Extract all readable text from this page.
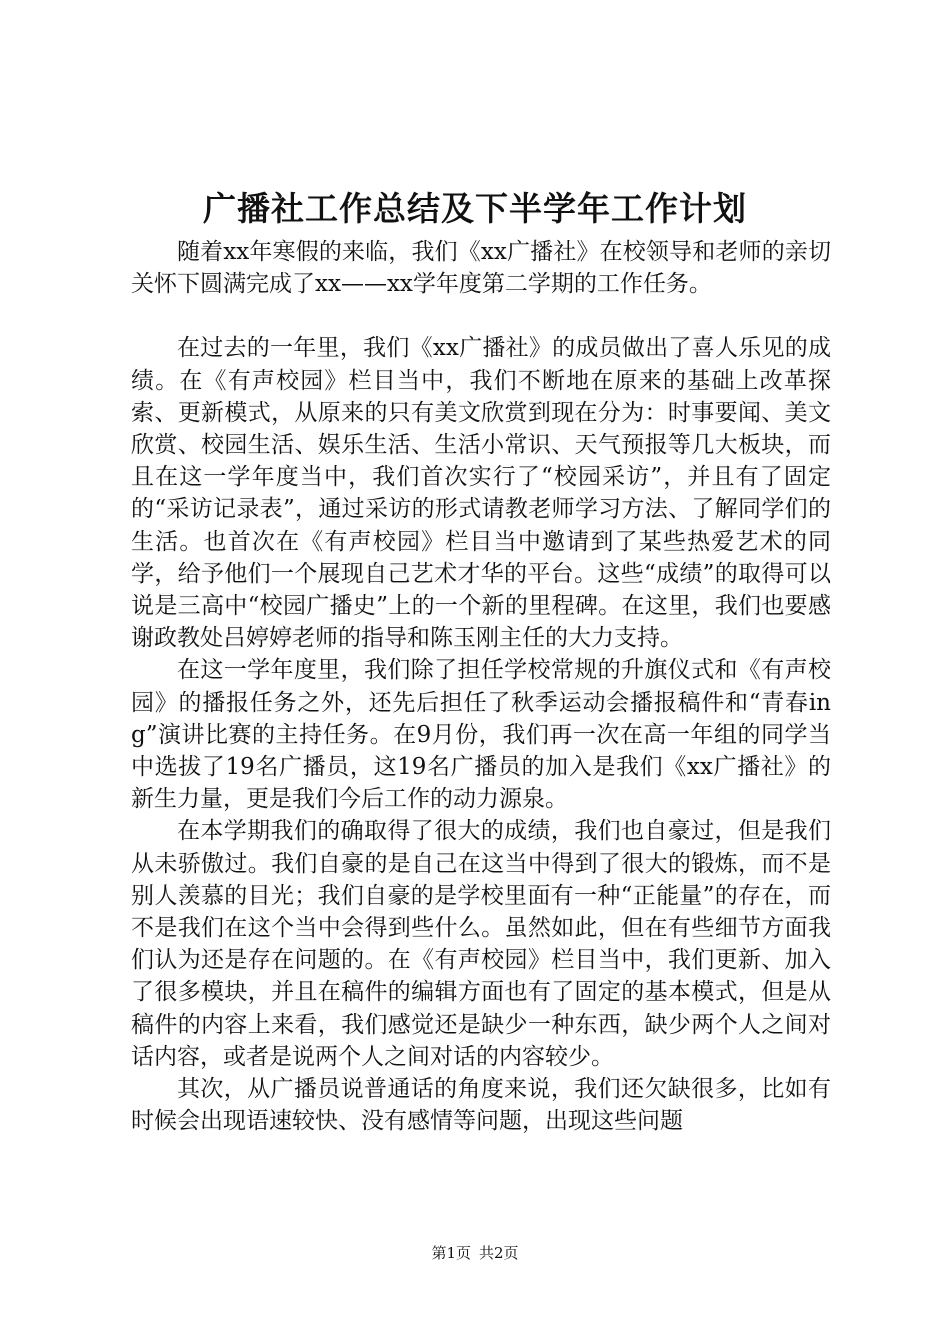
广播社工作总结及下半学年工作计划

随着xx年寒假的来临，我们《xx广播社》在校领导和老师的亲切关怀下圆满完成了xx——xx学年度第二学期的工作任务。

在过去的一年里，我们《xx广播社》的成员做出了喜人乐见的成绩。在《有声校园》栏目当中，我们不断地在原来的基础上改革探索、更新模式，从原来的只有美文欣赏到现在分为：时事要闻、美文欣赏、校园生活、娱乐生活、生活小常识、天气预报等几大板块，而且在这一学年度当中，我们首次实行了“校园采访”，并且有了固定的“采访记录表”，通过采访的形式请教老师学习方法、了解同学们的生活。也首次在《有声校园》栏目当中邀请到了某些热爱艺术的同学，给予他们一个展现自己艺术才华的平台。这些“成绩”的取得可以说是三高中“校园广播史”上的一个新的里程碑。在这里，我们也要感谢政教处吕婷婷老师的指导和陈玉刚主任的大力支持。

在这一学年度里，我们除了担任学校常规的升旗仪式和《有声校园》的播报任务之外，还先后担任了秋季运动会播报稿件和“青春ing”演讲比赛的主持任务。在9月份，我们再一次在高一年组的同学当中选拔了19名广播员，这19名广播员的加入是我们《xx广播社》的新生力量，更是我们今后工作的动力源泉。

在本学期我们的确取得了很大的成绩，我们也自豪过，但是我们从未骄傲过。我们自豪的是自己在这当中得到了很大的锻炼，而不是别人羡慕的目光；我们自豪的是学校里面有一种“正能量”的存在，而不是我们在这个当中会得到些什么。虽然如此，但在有些细节方面我们认为还是存在问题的。在《有声校园》栏目当中，我们更新、加入了很多模块，并且在稿件的编辑方面也有了固定的基本模式，但是从稿件的内容上来看，我们感觉还是缺少一种东西，缺少两个人之间对话内容，或者是说两个人之间对话的内容较少。

其次，从广播员说普通话的角度来说，我们还欠缺很多，比如有时候会出现语速较快、没有感情等问题，出现这些问题

第1页 共2页
